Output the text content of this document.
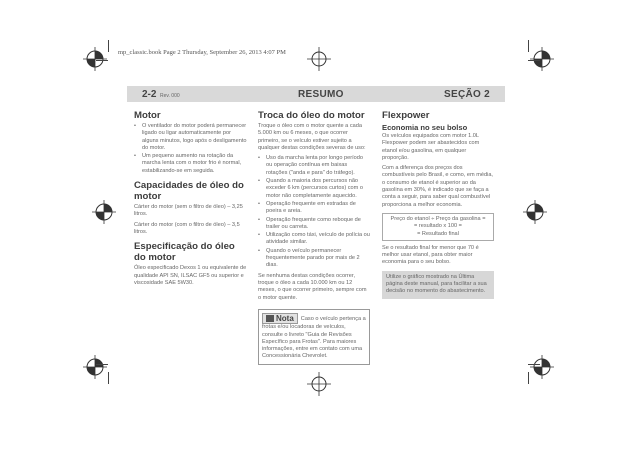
mp_classic.book Page 2 Thursday, September 26, 2013 4:07 PM
2-2 Rev. 000	RESUMO	SEÇÃO 2
Motor
• O ventilador do motor poderá permanecer ligado ou ligar automaticamente por alguns minutos, logo após o desligamento do motor.
• Um pequeno aumento na rotação da marcha lenta com o motor frio é normal, estabilizando-se em seguida.
Capacidades de óleo do motor

Cárter do motor (sem o filtro de óleo) – 3,25 litros.

Cárter do motor (com o filtro de óleo) – 3,5 litros.

Especificação do óleo do motor

Óleo especificado Dexos 1 ou equivalente de qualidade API SN, ILSAC GF5 ou superior e viscosidade SAE 5W30.

Troca do óleo do motor

Troque o óleo com o motor quente a cada 5.000 km ou 6 meses, o que ocorrer primeiro, se o veículo estiver sujeito a qualquer destas condições severas de uso:

• Uso da marcha lenta por longo período ou operação contínua em baixas rotações ("anda e para" do tráfego).
• Quando a maioria dos percursos não exceder 6 km (percursos curtos) com o motor não completamente aquecido.
• Operação frequente em estradas de poeira e areia.
• Operação frequente como reboque de trailer ou carreta.
• Utilização como táxi, veículo de polícia ou atividade similar.
• Quando o veículo permanecer frequentemente parado por mais de 2 dias.

Se nenhuma destas condições ocorrer, troque o óleo a cada 10.000 km ou 12 meses, o que ocorrer primeiro, sempre com o motor quente.

Nota Caso o veículo pertença a frotas e/ou locadoras de veículos, consulte o livreto "Guia de Revisões Específico para Frotas". Para maiores informações, entre em contato com uma Concessionária Chevrolet.
Flexpower
Economia no seu bolso

Os veículos equipados com motor 1.0L Flexpower podem ser abastecidos com etanol e/ou gasolina, em qualquer proporção.

Com a diferença dos preços dos combustíveis pelo Brasil, e como, em média, o consumo de etanol é superior ao da gasolina em 30%, é indicado que se faça a conta a seguir, para saber qual combustível proporciona a melhor economia.

Preço do etanol ÷ Preço da gasolina =
= resultado x 100 =
= Resultado final

Se o resultado final for menor que 70 é melhor usar etanol, para obter maior economia para o seu bolso.

Utilize o gráfico mostrado na Última página deste manual, para facilitar a sua decisão no momento do abastecimento.
